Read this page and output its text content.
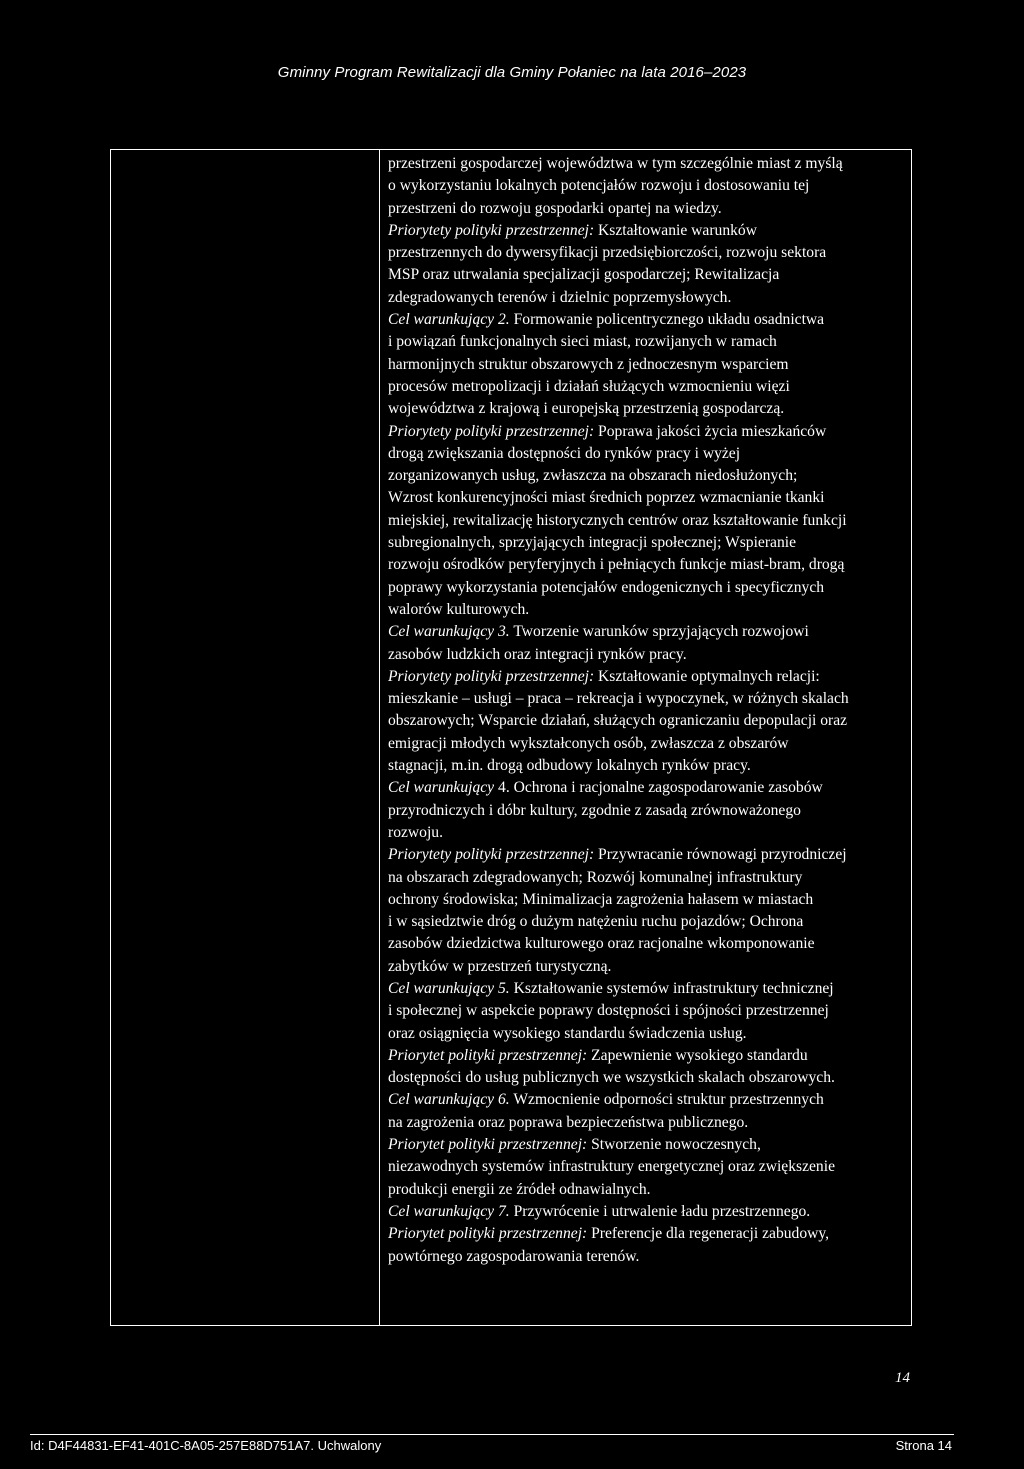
Gminny Program Rewitalizacji dla Gminy Połaniec na lata 2016–2023

przestrzeni gospodarczej województwa w tym szczególnie miast z myślą

o wykorzystaniu lokalnych potencjałów rozwoju i dostosowaniu tej

przestrzeni do rozwoju gospodarki opartej na wiedzy.

Priorytety polityki przestrzennej: Kształtowanie warunków

przestrzennych do dywersyfikacji przedsiębiorczości, rozwoju sektora

MSP oraz utrwalania specjalizacji gospodarczej; Rewitalizacja

zdegradowanych terenów i dzielnic poprzemysłowych.

Cel warunkujący 2. Formowanie policentrycznego układu osadnictwa

i powiązań funkcjonalnych sieci miast, rozwijanych w ramach

harmonijnych struktur obszarowych z jednoczesnym wsparciem

procesów metropolizacji i działań służących wzmocnieniu więzi

województwa z krajową i europejską przestrzenią gospodarczą.

Priorytety polityki przestrzennej: Poprawa jakości życia mieszkańców

drogą zwiększania dostępności do rynków pracy i wyżej

zorganizowanych usług, zwłaszcza na obszarach niedosłużonych;

Wzrost konkurencyjności miast średnich poprzez wzmacnianie tkanki

miejskiej, rewitalizację historycznych centrów oraz kształtowanie funkcji

subregionalnych, sprzyjających integracji społecznej; Wspieranie

rozwoju ośrodków peryferyjnych i pełniących funkcje miast-bram, drogą

poprawy wykorzystania potencjałów endogenicznych i specyficznych

walorów kulturowych.

Cel warunkujący 3. Tworzenie warunków sprzyjających rozwojowi

zasobów ludzkich oraz integracji rynków pracy.

Priorytety polityki przestrzennej: Kształtowanie optymalnych relacji:

mieszkanie – usługi – praca – rekreacja i wypoczynek, w różnych skalach

obszarowych; Wsparcie działań, służących ograniczaniu depopulacji oraz

emigracji młodych wykształconych osób, zwłaszcza z obszarów

stagnacji, m.in. drogą odbudowy lokalnych rynków pracy.

Cel warunkujący 4. Ochrona i racjonalne zagospodarowanie zasobów

przyrodniczych i dóbr kultury, zgodnie z zasadą zrównoważonego

rozwoju.

Priorytety polityki przestrzennej: Przywracanie równowagi przyrodniczej

na obszarach zdegradowanych; Rozwój komunalnej infrastruktury

ochrony środowiska; Minimalizacja zagrożenia hałasem w miastach

i w sąsiedztwie dróg o dużym natężeniu ruchu pojazdów; Ochrona

zasobów dziedzictwa kulturowego oraz racjonalne wkomponowanie

zabytków w przestrzeń turystyczną.

Cel warunkujący 5. Kształtowanie systemów infrastruktury technicznej

i społecznej w aspekcie poprawy dostępności i spójności przestrzennej

oraz osiągnięcia wysokiego standardu świadczenia usług.

Priorytet polityki przestrzennej: Zapewnienie wysokiego standardu

dostępności do usług publicznych we wszystkich skalach obszarowych.

Cel warunkujący 6. Wzmocnienie odporności struktur przestrzennych

na zagrożenia oraz poprawa bezpieczeństwa publicznego.

Priorytet polityki przestrzennej: Stworzenie nowoczesnych,

niezawodnych systemów infrastruktury energetycznej oraz zwiększenie

produkcji energii ze źródeł odnawialnych.

Cel warunkujący 7. Przywrócenie i utrwalenie ładu przestrzennego.

Priorytet polityki przestrzennej: Preferencje dla regeneracji zabudowy,

powtórnego zagospodarowania terenów.

14
Id: D4F44831-EF41-401C-8A05-257E88D751A7. Uchwalony	Strona 14
